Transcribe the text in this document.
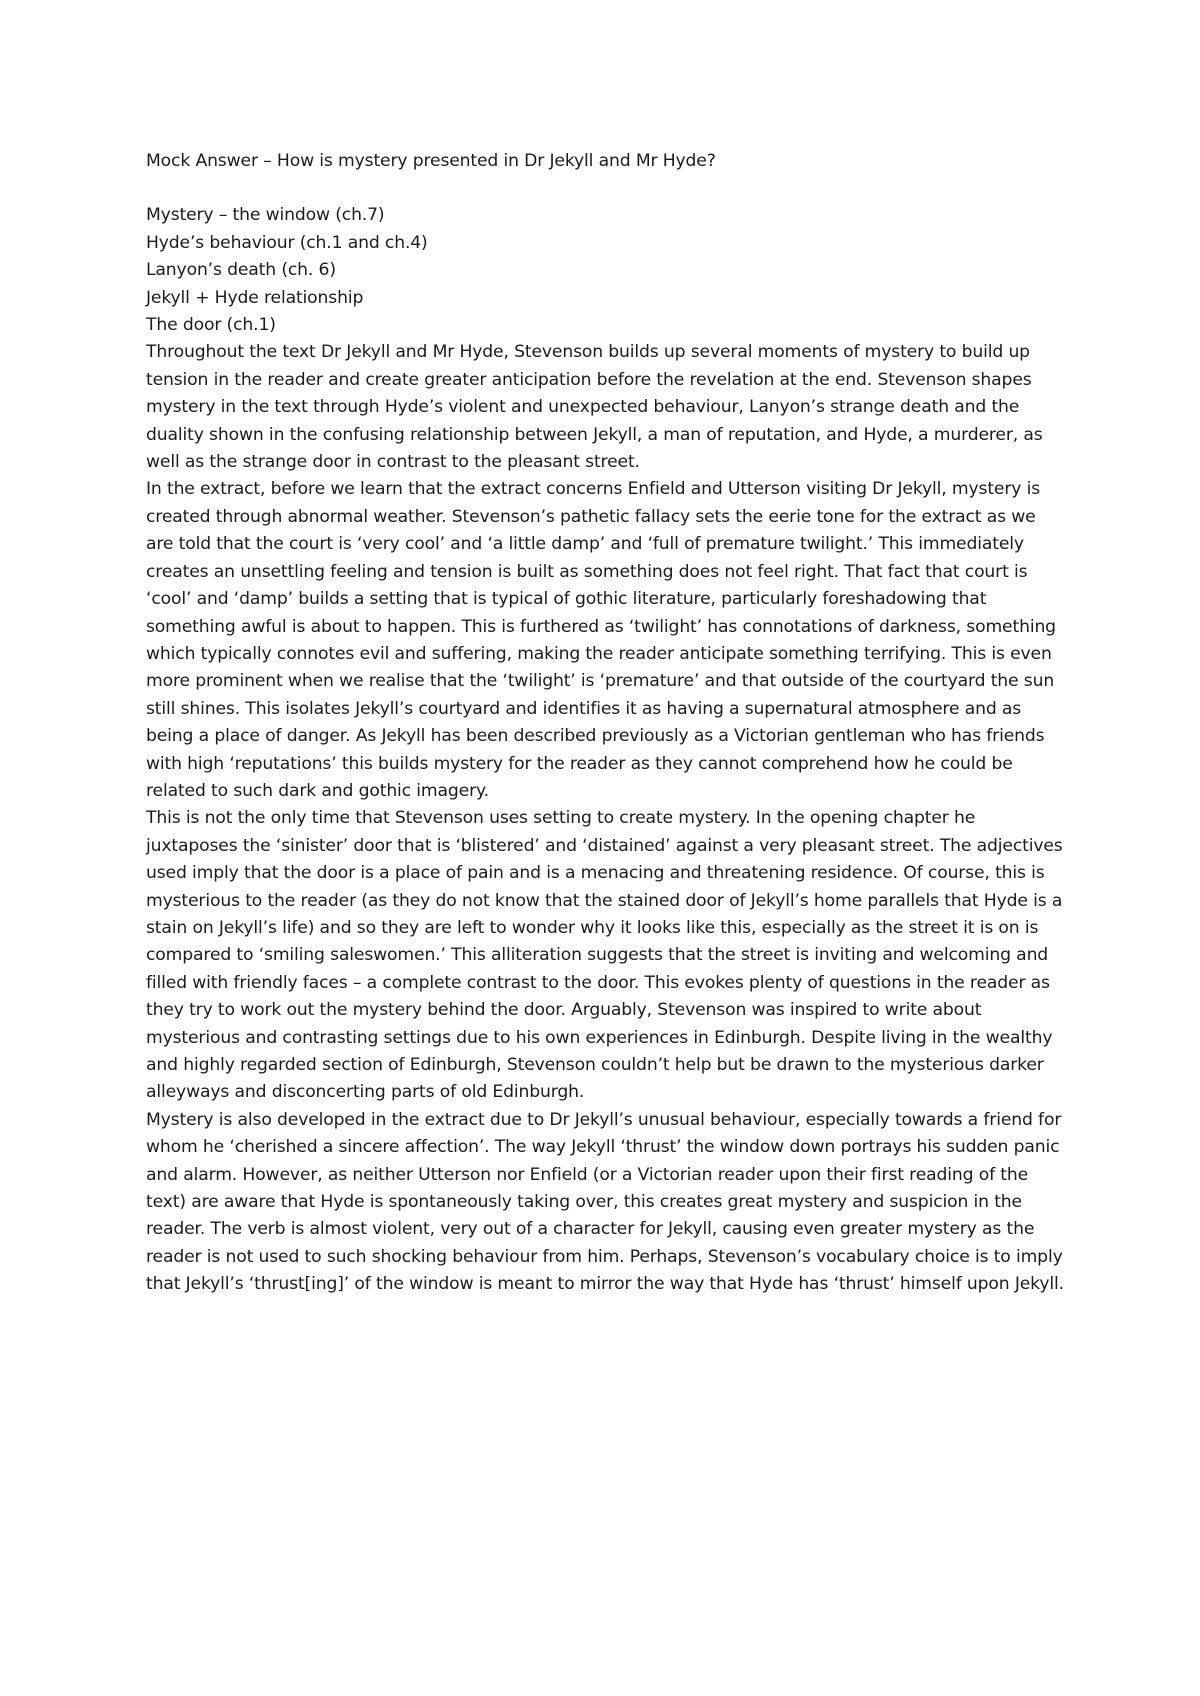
Mock Answer – How is mystery presented in Dr Jekyll and Mr Hyde?
Mystery – the window (ch.7)
Hyde’s behaviour (ch.1 and ch.4)
Lanyon’s death (ch. 6)
Jekyll + Hyde relationship
The door (ch.1)

Throughout the text Dr Jekyll and Mr Hyde, Stevenson builds up several moments of mystery to build up tension in the reader and create greater anticipation before the revelation at the end. Stevenson shapes mystery in the text through Hyde’s violent and unexpected behaviour, Lanyon’s strange death and the duality shown in the confusing relationship between Jekyll, a man of reputation, and Hyde, a murderer, as well as the strange door in contrast to the pleasant street.

In the extract, before we learn that the extract concerns Enfield and Utterson visiting Dr Jekyll, mystery is created through abnormal weather. Stevenson’s pathetic fallacy sets the eerie tone for the extract as we are told that the court is ‘very cool’ and ‘a little damp’ and ‘full of premature twilight.’ This immediately creates an unsettling feeling and tension is built as something does not feel right. That fact that court is ‘cool’ and ‘damp’ builds a setting that is typical of gothic literature, particularly foreshadowing that something awful is about to happen. This is furthered as ‘twilight’ has connotations of darkness, something which typically connotes evil and suffering, making the reader anticipate something terrifying. This is even more prominent when we realise that the ‘twilight’ is ‘premature’ and that outside of the courtyard the sun still shines. This isolates Jekyll’s courtyard and identifies it as having a supernatural atmosphere and as being a place of danger. As Jekyll has been described previously as a Victorian gentleman who has friends with high ‘reputations’ this builds mystery for the reader as they cannot comprehend how he could be related to such dark and gothic imagery.

This is not the only time that Stevenson uses setting to create mystery. In the opening chapter he juxtaposes the ‘sinister’ door that is ‘blistered’ and ‘distained’ against a very pleasant street. The adjectives used imply that the door is a place of pain and is a menacing and threatening residence. Of course, this is mysterious to the reader (as they do not know that the stained door of Jekyll’s home parallels that Hyde is a stain on Jekyll’s life) and so they are left to wonder why it looks like this, especially as the street it is on is compared to ‘smiling saleswomen.’ This alliteration suggests that the street is inviting and welcoming and filled with friendly faces – a complete contrast to the door. This evokes plenty of questions in the reader as they try to work out the mystery behind the door. Arguably, Stevenson was inspired to write about mysterious and contrasting settings due to his own experiences in Edinburgh. Despite living in the wealthy and highly regarded section of Edinburgh, Stevenson couldn’t help but be drawn to the mysterious darker alleyways and disconcerting parts of old Edinburgh.

Mystery is also developed in the extract due to Dr Jekyll’s unusual behaviour, especially towards a friend for whom he ‘cherished a sincere affection’. The way Jekyll ‘thrust’ the window down portrays his sudden panic and alarm. However, as neither Utterson nor Enfield (or a Victorian reader upon their first reading of the text) are aware that Hyde is spontaneously taking over, this creates great mystery and suspicion in the reader. The verb is almost violent, very out of a character for Jekyll, causing even greater mystery as the reader is not used to such shocking behaviour from him. Perhaps, Stevenson’s vocabulary choice is to imply that Jekyll’s ‘thrust[ing]’ of the window is meant to mirror the way that Hyde has ‘thrust’ himself upon Jekyll.
